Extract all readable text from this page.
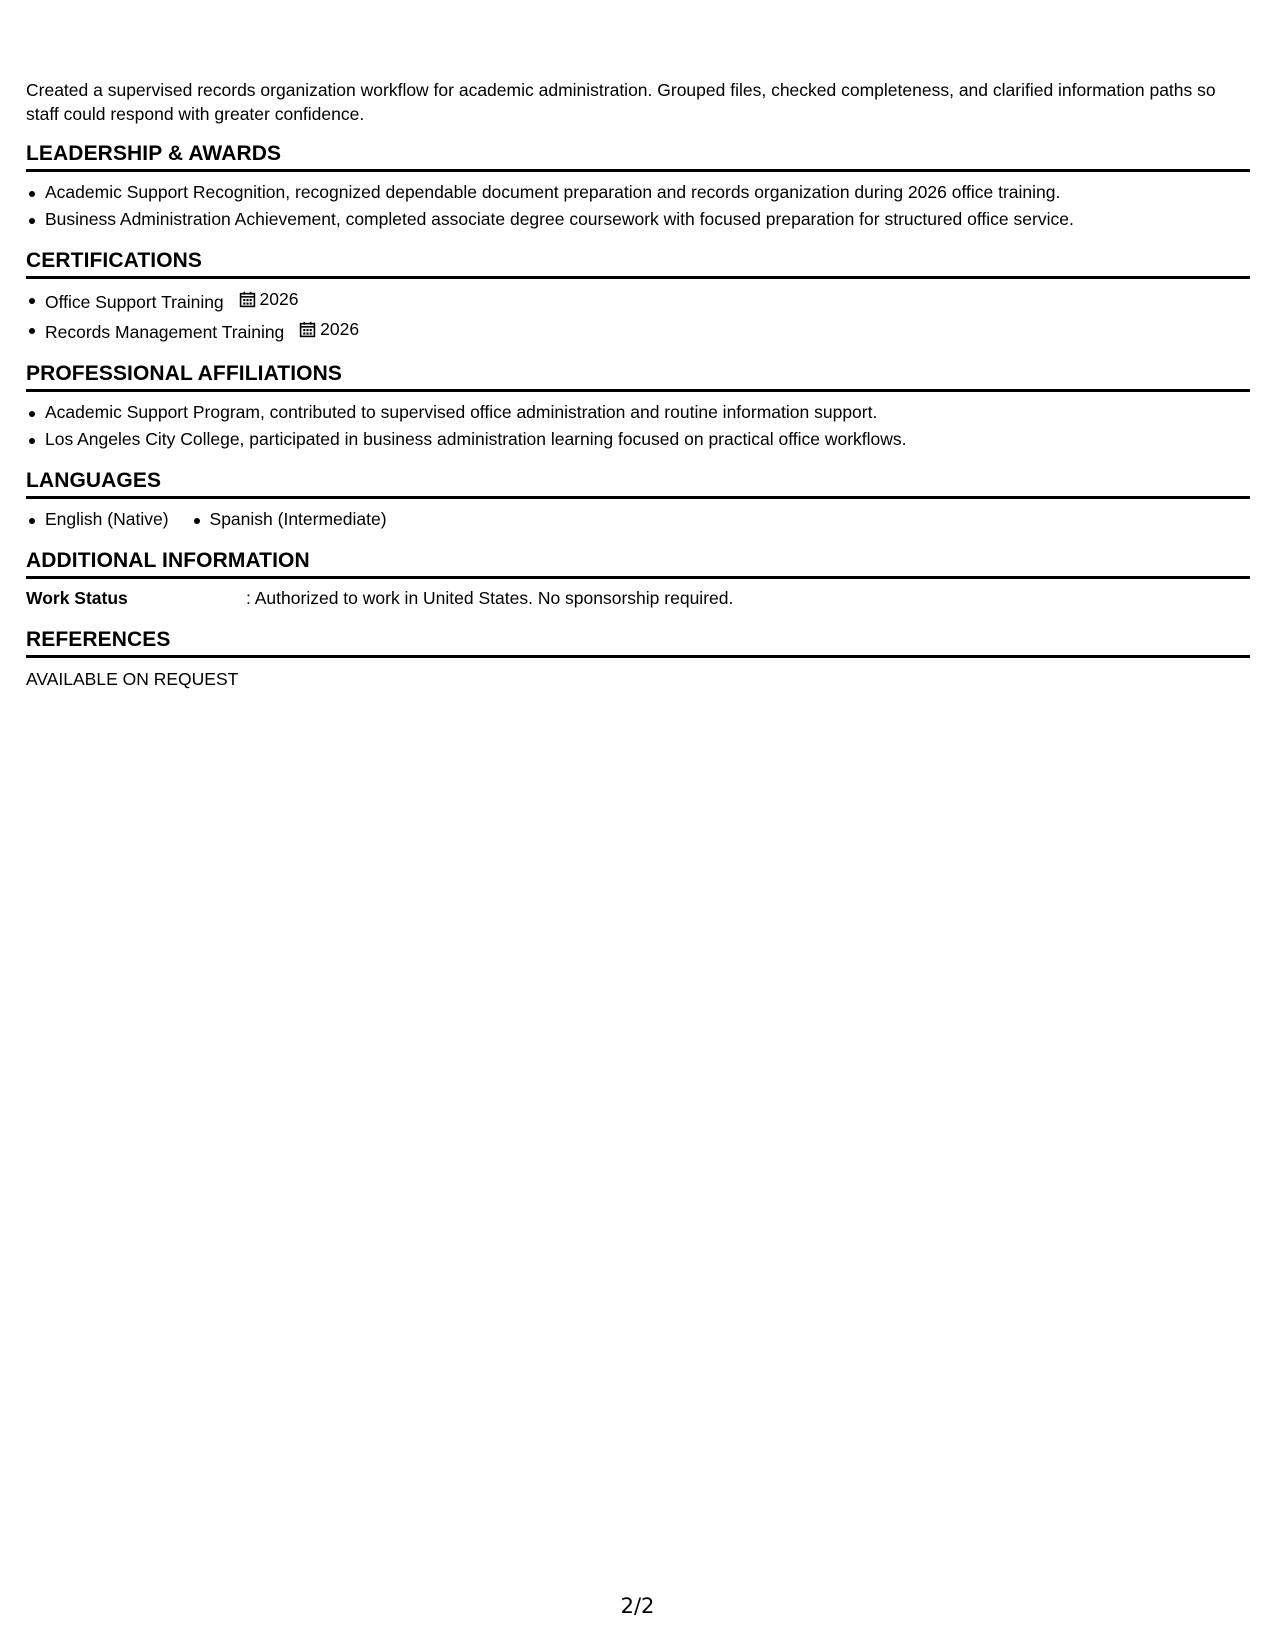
Created a supervised records organization workflow for academic administration. Grouped files, checked completeness, and clarified information paths so staff could respond with greater confidence.

LEADERSHIP & AWARDS
Academic Support Recognition, recognized dependable document preparation and records organization during 2026 office training.
Business Administration Achievement, completed associate degree coursework with focused preparation for structured office service.
CERTIFICATIONS
Office Support Training 2026
Records Management Training 2026
PROFESSIONAL AFFILIATIONS
Academic Support Program, contributed to supervised office administration and routine information support.
Los Angeles City College, participated in business administration learning focused on practical office workflows.
LANGUAGES
English (Native)	Spanish (Intermediate)
ADDITIONAL INFORMATION
Work Status	: Authorized to work in United States. No sponsorship required.
REFERENCES
AVAILABLE ON REQUEST
2/2
